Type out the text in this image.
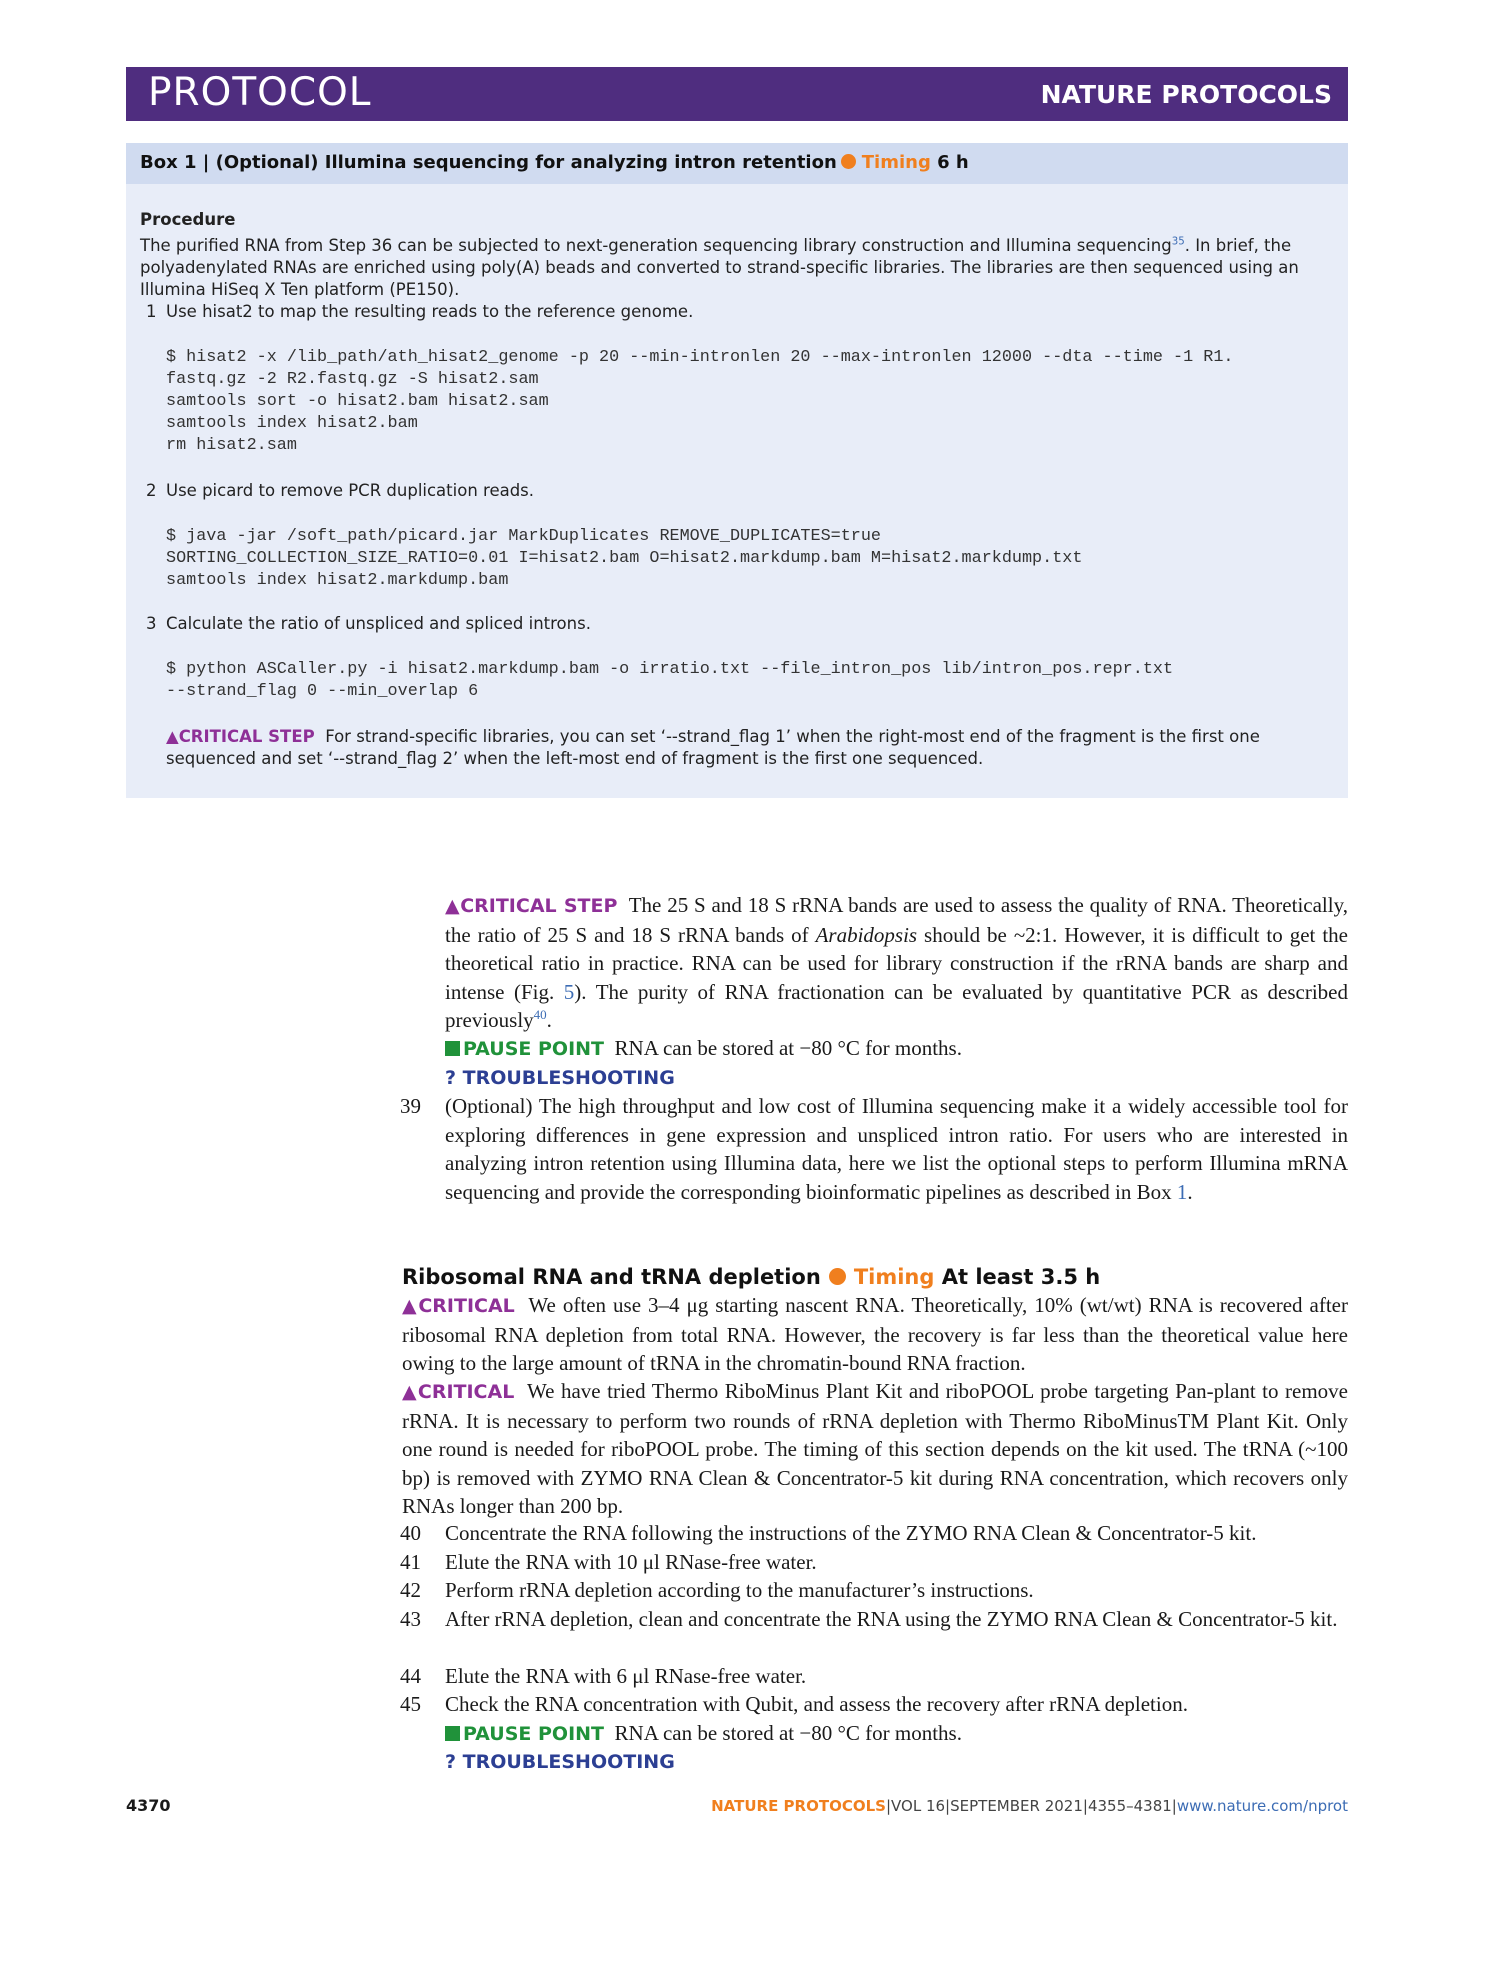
PROTOCOL	NATURE PROTOCOLS
Box 1 | (Optional) Illumina sequencing for analyzing intron retention Timing 6 h
Procedure
The purified RNA from Step 36 can be subjected to next-generation sequencing library construction and Illumina sequencing$^{35}$. In brief, the polyadenylated RNAs are enriched using poly(A) beads and converted to strand-specific libraries. The libraries are then sequenced using an Illumina HiSeq X Ten platform (PE150).
1 Use hisat2 to map the resulting reads to the reference genome.
$ hisat2 -x /lib_path/ath_hisat2_genome -p 20 --min-intronlen 20 --max-intronlen 12000 --dta --time -1 R1.
fastq.gz -2 R2.fastq.gz -S hisat2.sam
samtools sort -o hisat2.bam hisat2.sam
samtools index hisat2.bam
rm hisat2.sam
2 Use picard to remove PCR duplication reads.
$ java -jar /soft_path/picard.jar MarkDuplicates REMOVE_DUPLICATES=true
SORTING_COLLECTION_SIZE_RATIO=0.01 I=hisat2.bam O=hisat2.markdump.bam M=hisat2.markdump.txt
samtools index hisat2.markdump.bam
3 Calculate the ratio of unspliced and spliced introns.
$ python ASCaller.py -i hisat2.markdump.bam -o irratio.txt --file_intron_pos lib/intron_pos.repr.txt
--strand_flag 0 --min_overlap 6
▲CRITICAL STEP For strand-specific libraries, you can set ‘--strand_flag 1’ when the right-most end of the fragment is the first one sequenced and set ‘--strand_flag 2’ when the left-most end of fragment is the first one sequenced.
▲CRITICAL STEP The 25 S and 18 S rRNA bands are used to assess the quality of RNA. Theoretically, the ratio of 25 S and 18 S rRNA bands of Arabidopsis should be ~2:1. However, it is difficult to get the theoretical ratio in practice. RNA can be used for library construction if the rRNA bands are sharp and intense (Fig. 5). The purity of RNA fractionation can be evaluated by quantitative PCR as described previously$^{40}$.
PAUSE POINT RNA can be stored at −80 °C for months.
? TROUBLESHOOTING
39 (Optional) The high throughput and low cost of Illumina sequencing make it a widely accessible tool for exploring differences in gene expression and unspliced intron ratio. For users who are interested in analyzing intron retention using Illumina data, here we list the optional steps to perform Illumina mRNA sequencing and provide the corresponding bioinformatic pipelines as described in Box 1.
Ribosomal RNA and tRNA depletion Timing At least 3.5 h
▲CRITICAL We often use 3–4 μg starting nascent RNA. Theoretically, 10% (wt/wt) RNA is recovered after ribosomal RNA depletion from total RNA. However, the recovery is far less than the theoretical value here owing to the large amount of tRNA in the chromatin-bound RNA fraction.
▲CRITICAL We have tried Thermo RiboMinus Plant Kit and riboPOOL probe targeting Pan-plant to remove rRNA. It is necessary to perform two rounds of rRNA depletion with Thermo RiboMinusTM Plant Kit. Only one round is needed for riboPOOL probe. The timing of this section depends on the kit used. The tRNA (~100 bp) is removed with ZYMO RNA Clean & Concentrator-5 kit during RNA concentration, which recovers only RNAs longer than 200 bp.
40 Concentrate the RNA following the instructions of the ZYMO RNA Clean & Concentrator-5 kit.
41 Elute the RNA with 10 μl RNase-free water.
42 Perform rRNA depletion according to the manufacturer’s instructions.
43 After rRNA depletion, clean and concentrate the RNA using the ZYMO RNA Clean & Concentrator-5 kit.
44 Elute the RNA with 6 μl RNase-free water.
45 Check the RNA concentration with Qubit, and assess the recovery after rRNA depletion.
PAUSE POINT RNA can be stored at −80 °C for months.
? TROUBLESHOOTING
4370	NATURE PROTOCOLS|VOL 16|SEPTEMBER 2021|4355–4381|www.nature.com/nprot
